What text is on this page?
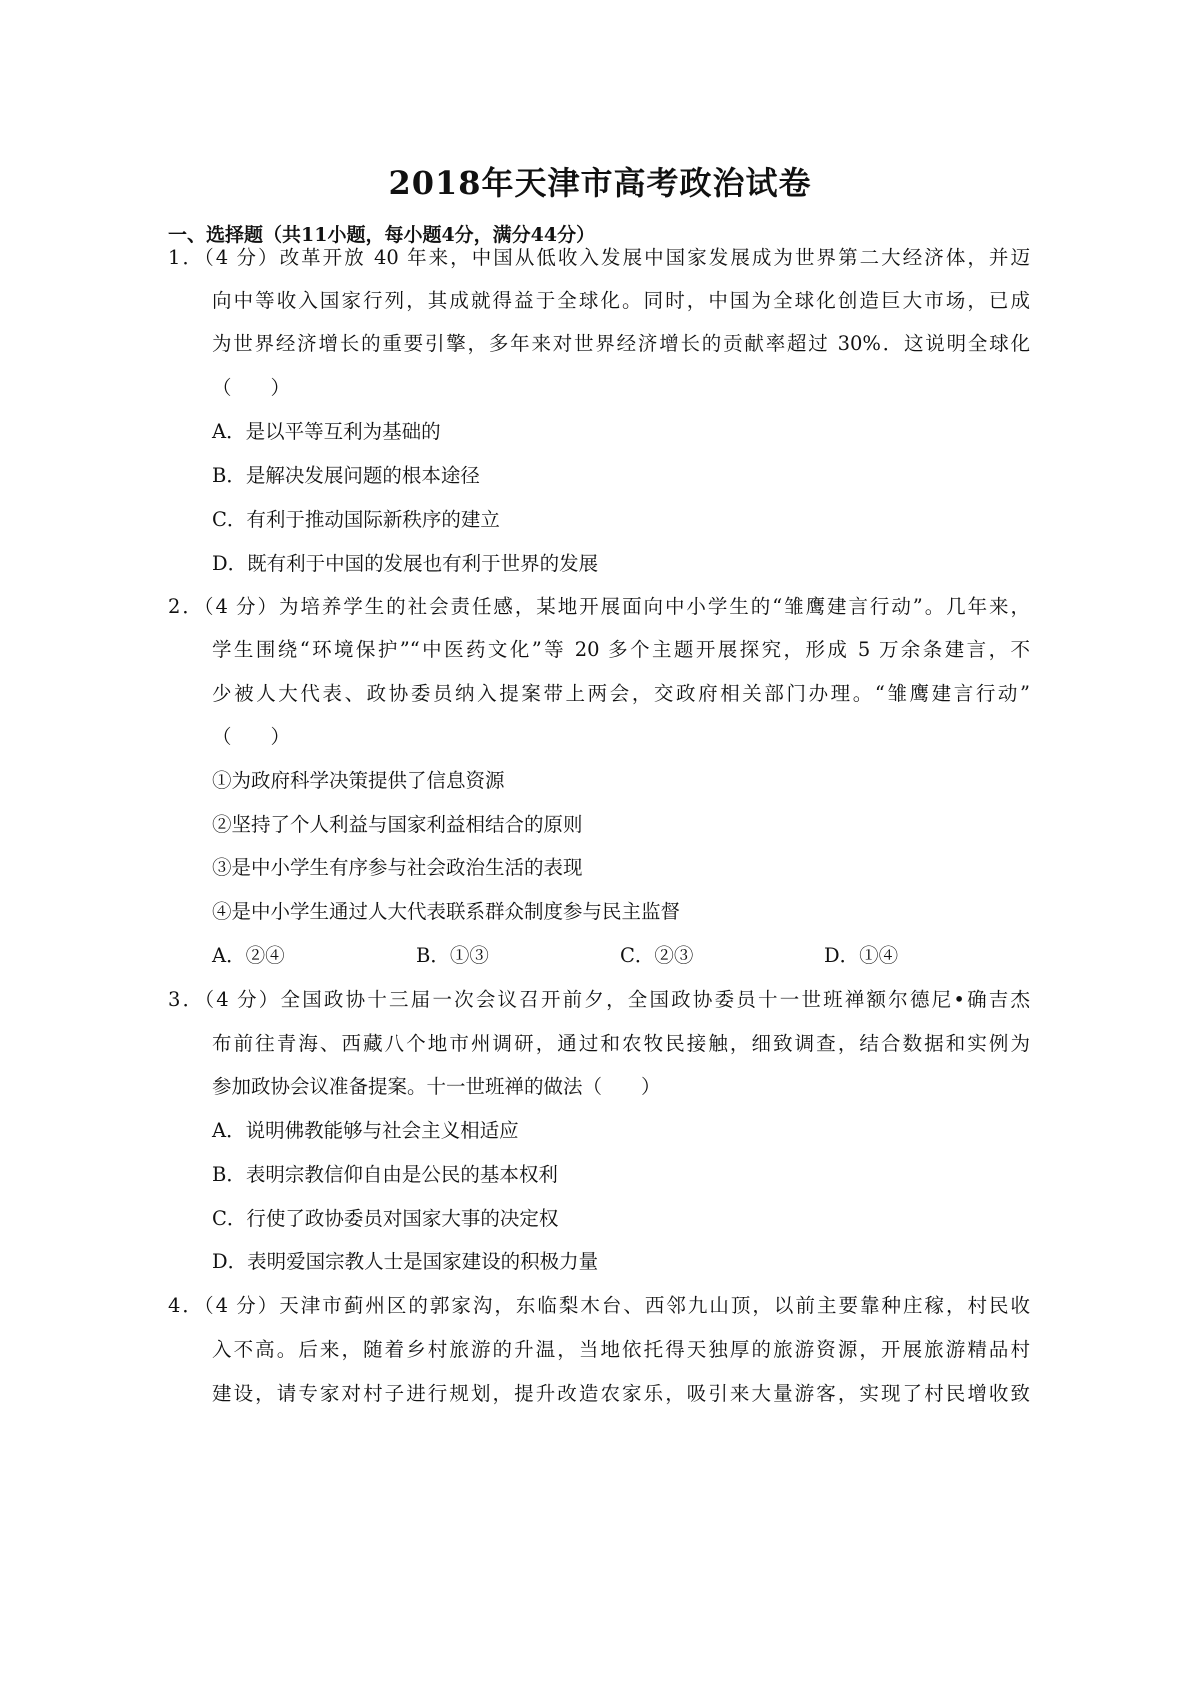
2018年天津市高考政治试卷
一、选择题（共11小题，每小题4分，满分44分）
1．（4 分）改革开放 40 年来，中国从低收入发展中国家发展成为世界第二大经济体，并迈
向中等收入国家行列，其成就得益于全球化。同时，中国为全球化创造巨大市场，已成
为世界经济增长的重要引擎，多年来对世界经济增长的贡献率超过 30%．这说明全球化
（　　）
A．是以平等互利为基础的
B．是解决发展问题的根本途径
C．有利于推动国际新秩序的建立
D．既有利于中国的发展也有利于世界的发展
2．（4 分）为培养学生的社会责任感，某地开展面向中小学生的“雏鹰建言行动”。几年来，
学生围绕“环境保护”“中医药文化”等 20 多个主题开展探究，形成 5 万余条建言，不
少被人大代表、政协委员纳入提案带上两会，交政府相关部门办理。“雏鹰建言行动”
（　　）
①为政府科学决策提供了信息资源
②坚持了个人利益与国家利益相结合的原则
③是中小学生有序参与社会政治生活的表现
④是中小学生通过人大代表联系群众制度参与民主监督
A．②④	B．①③	C．②③	D．①④
3．（4 分）全国政协十三届一次会议召开前夕，全国政协委员十一世班禅额尔德尼•确吉杰
布前往青海、西藏八个地市州调研，通过和农牧民接触，细致调查，结合数据和实例为
参加政协会议准备提案。十一世班禅的做法（　　）
A．说明佛教能够与社会主义相适应
B．表明宗教信仰自由是公民的基本权利
C．行使了政协委员对国家大事的决定权
D．表明爱国宗教人士是国家建设的积极力量
4．（4 分）天津市蓟州区的郭家沟，东临梨木台、西邻九山顶，以前主要靠种庄稼，村民收
入不高。后来，随着乡村旅游的升温，当地依托得天独厚的旅游资源，开展旅游精品村
建设，请专家对村子进行规划，提升改造农家乐，吸引来大量游客，实现了村民增收致
